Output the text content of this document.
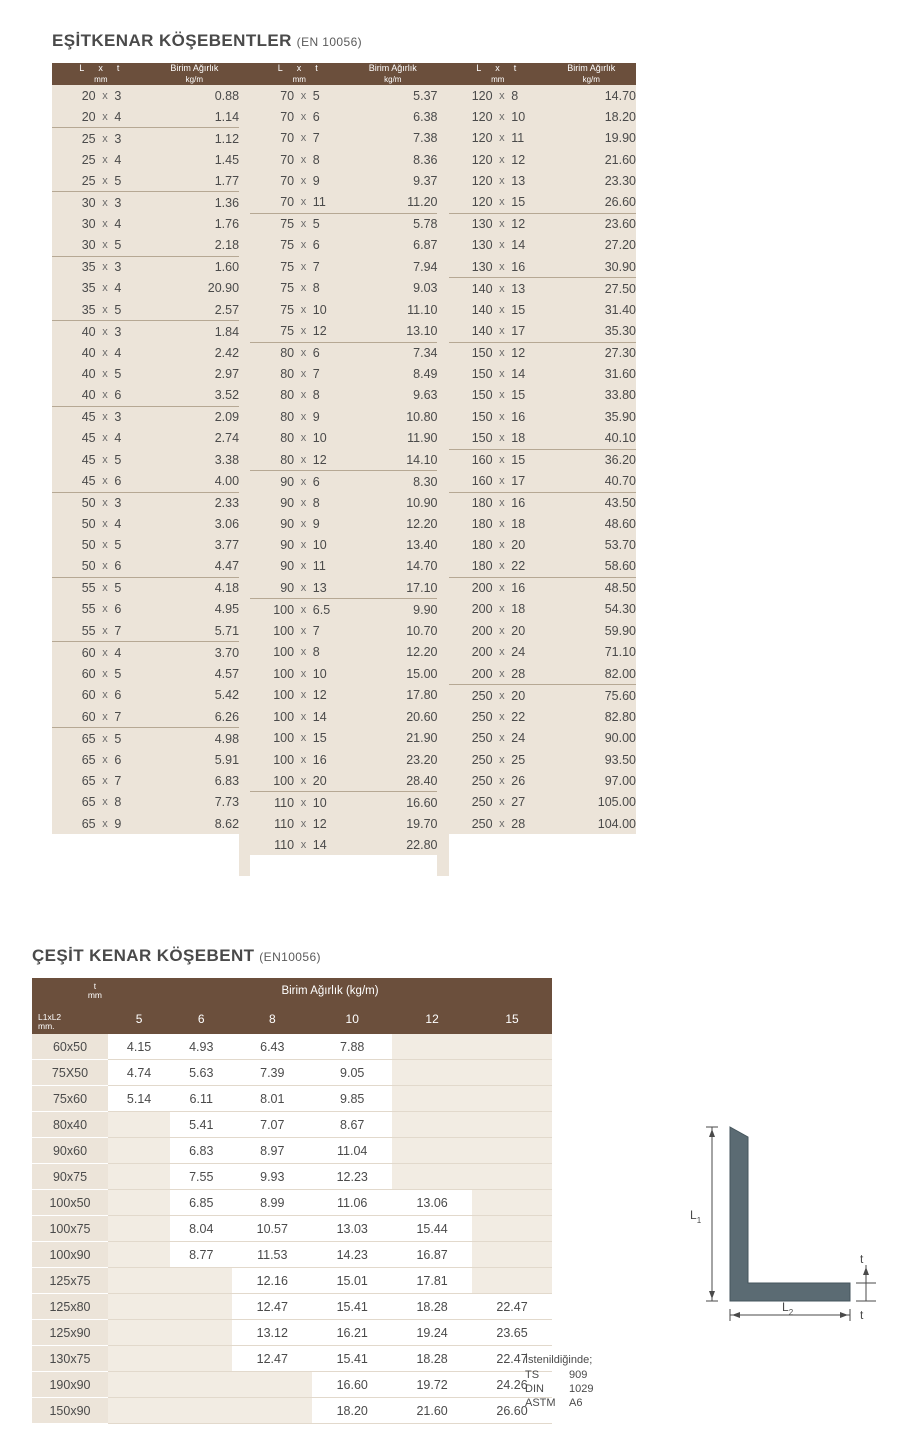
EŞİTKENAR KÖŞEBENTLER (EN 10056)
L x t
mm

Birim Ağırlık
kg/m

L x t
mm

Birim Ağırlık
kg/m

L x t
mm

Birim Ağırlık
kg/m

20	x	3	0.88		70	x	5	5.37		120	x	8	14.70
20	x	4	1.14		70	x	6	6.38		120	x	10	18.20
25	x	3	1.12		70	x	7	7.38		120	x	11	19.90
25	x	4	1.45		70	x	8	8.36		120	x	12	21.60
25	x	5	1.77		70	x	9	9.37		120	x	13	23.30
30	x	3	1.36		70	x	11	11.20		120	x	15	26.60
30	x	4	1.76		75	x	5	5.78		130	x	12	23.60
30	x	5	2.18		75	x	6	6.87		130	x	14	27.20
35	x	3	1.60		75	x	7	7.94		130	x	16	30.90
35	x	4	20.90		75	x	8	9.03		140	x	13	27.50
35	x	5	2.57		75	x	10	11.10		140	x	15	31.40
40	x	3	1.84		75	x	12	13.10		140	x	17	35.30
40	x	4	2.42		80	x	6	7.34		150	x	12	27.30
40	x	5	2.97		80	x	7	8.49		150	x	14	31.60
40	x	6	3.52		80	x	8	9.63		150	x	15	33.80
45	x	3	2.09		80	x	9	10.80		150	x	16	35.90
45	x	4	2.74		80	x	10	11.90		150	x	18	40.10
45	x	5	3.38		80	x	12	14.10		160	x	15	36.20
45	x	6	4.00		90	x	6	8.30		160	x	17	40.70
50	x	3	2.33		90	x	8	10.90		180	x	16	43.50
50	x	4	3.06		90	x	9	12.20		180	x	18	48.60
50	x	5	3.77		90	x	10	13.40		180	x	20	53.70
50	x	6	4.47		90	x	11	14.70		180	x	22	58.60
55	x	5	4.18		90	x	13	17.10		200	x	16	48.50
55	x	6	4.95		100	x	6.5	9.90		200	x	18	54.30
55	x	7	5.71		100	x	7	10.70		200	x	20	59.90
60	x	4	3.70		100	x	8	12.20		200	x	24	71.10
60	x	5	4.57		100	x	10	15.00		200	x	28	82.00
60	x	6	5.42		100	x	12	17.80		250	x	20	75.60
60	x	7	6.26		100	x	14	20.60		250	x	22	82.80
65	x	5	4.98		100	x	15	21.90		250	x	24	90.00
65	x	6	5.91		100	x	16	23.20		250	x	25	93.50
65	x	7	6.83		100	x	20	28.40		250	x	26	97.00
65	x	8	7.73		110	x	10	16.60		250	x	27	105.00
65	x	9	8.62		110	x	12	19.70		250	x	28	104.00
					110	x	14	22.80					

ÇEŞİT KENAR KÖŞEBENT (EN10056)
t
mm
L1xL2
mm.	Birim Ağırlık (kg/m)					
	5	6	8	10	12	15
60x50	4.15	4.93	6.43	7.88		
75X50	4.74	5.63	7.39	9.05		
75x60	5.14	6.11	8.01	9.85		
80x40		5.41	7.07	8.67		
90x60		6.83	8.97	11.04		
90x75		7.55	9.93	12.23		
100x50		6.85	8.99	11.06	13.06	
100x75		8.04	10.57	13.03	15.44	
100x90		8.77	11.53	14.23	16.87	
125x75			12.16	15.01	17.81	
125x80			12.47	15.41	18.28	22.47
125x90			13.12	16.21	19.24	23.65
130x75			12.47	15.41	18.28	22.47
190x90				16.60	19.72	24.26
150x90				18.20	21.60	26.60
İstenildiğinde;
TS	909
DIN	1029
ASTM	A6
$L_1$
$L_2$
t
t
